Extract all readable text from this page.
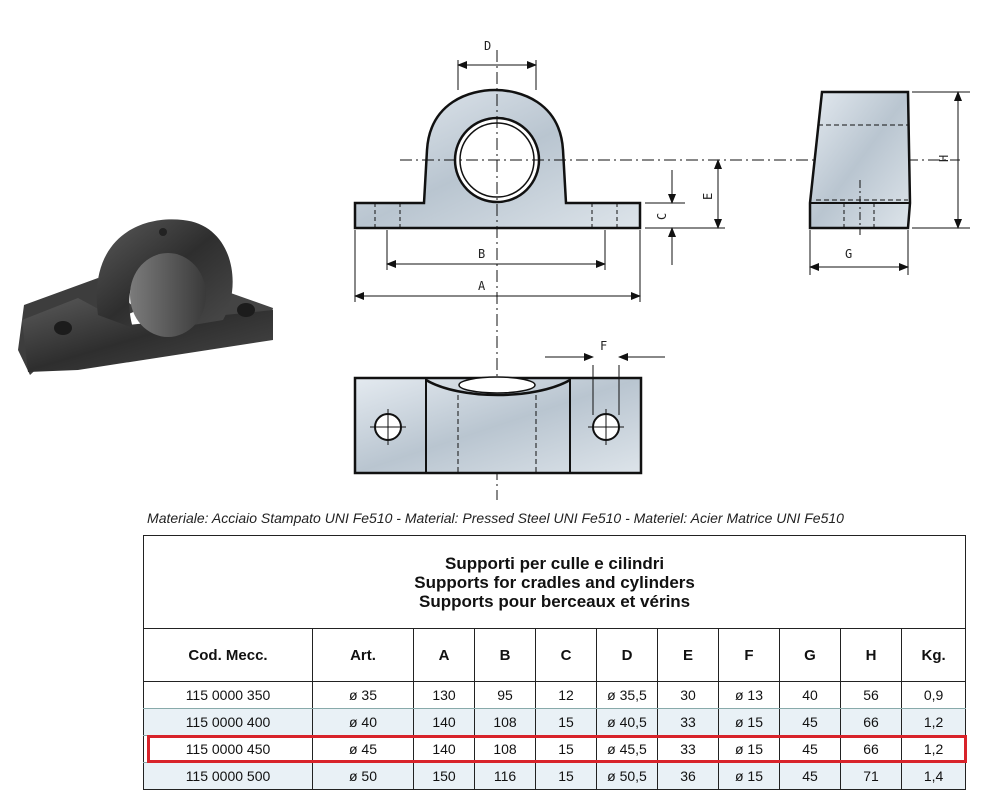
D
B
A
C
E
H
G
F
Materiale: Acciaio Stampato UNI Fe510 - Material: Pressed Steel UNI Fe510 - Materiel: Acier Matrice UNI Fe510
Supporti per culle e cilindri
Supports for cradles and cylinders
Supports pour berceaux et vérins										

Cod. Mecc.	Art.	A	B	C	D	E	F	G	H	Kg.
115 0000 350	ø 35	130	95	12	ø 35,5	30	ø 13	40	56	0,9
115 0000 400	ø 40	140	108	15	ø 40,5	33	ø 15	45	66	1,2
115 0000 450	ø 45	140	108	15	ø 45,5	33	ø 15	45	66	1,2
115 0000 500	ø 50	150	116	15	ø 50,5	36	ø 15	45	71	1,4
